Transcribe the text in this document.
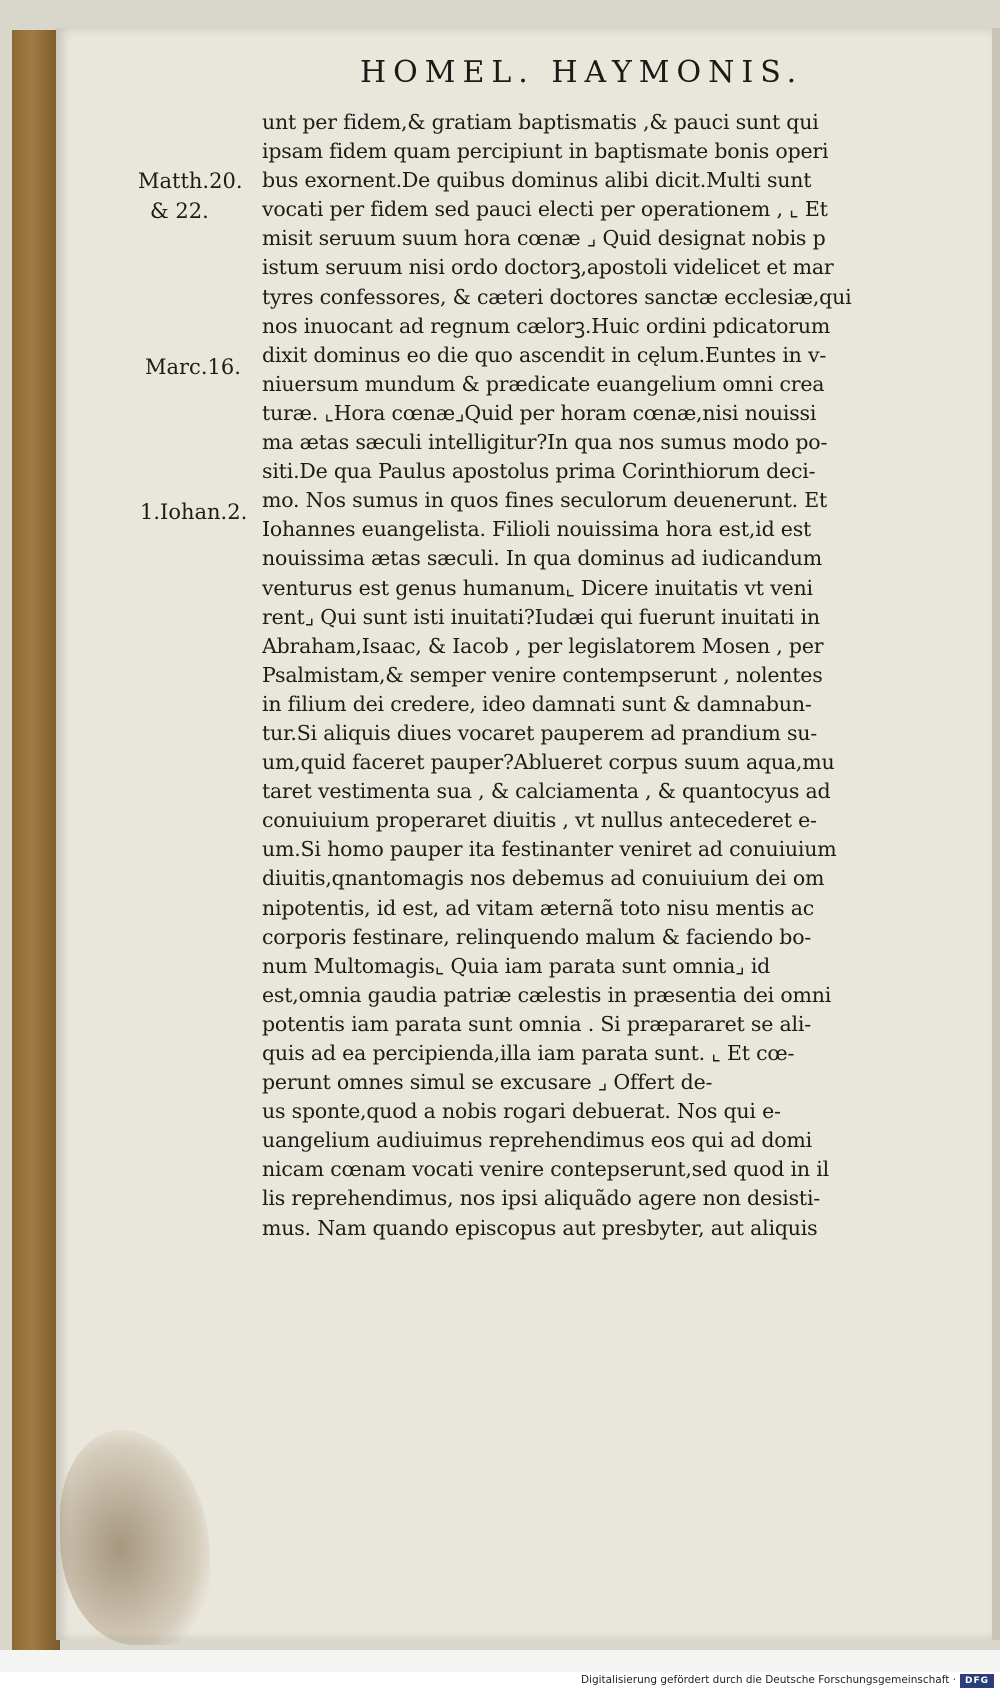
HOMEL. HAYMONIS.
Matth.20.
& 22.
Marc.16.
1.Iohan.2.
unt per fidem,& gratiam baptismatis ,& pauci sunt qui
ipsam fidem quam percipiunt in baptismate bonis operi
bus exornent.De quibus dominus alibi dicit.Multi sunt
vocati per fidem sed pauci electi per operationem , ⌞ Et
misit seruum suum hora cœnæ ⌟ Quid designat nobis p
istum seruum nisi ordo doctorꝫ,apostoli videlicet et mar
tyres confessores, & cæteri doctores sanctæ ecclesiæ,qui
nos inuocant ad regnum cælorꝫ.Huic ordini pdicatorum
dixit dominus eo die quo ascendit in cęlum.Euntes in v-
niuersum mundum & prædicate euangelium omni crea
turæ. ⌞Hora cœnæ⌟Quid per horam cœnæ,nisi nouissi
ma ætas sæculi intelligitur?In qua nos sumus modo po-
siti.De qua Paulus apostolus prima Corinthiorum deci-
mo. Nos sumus in quos fines seculorum deuenerunt. Et
Iohannes euangelista. Filioli nouissima hora est,id est
nouissima ætas sæculi. In qua dominus ad iudicandum
venturus est genus humanum⌞ Dicere inuitatis vt veni
rent⌟ Qui sunt isti inuitati?Iudæi qui fuerunt inuitati in
Abraham,Isaac, & Iacob , per legislatorem Mosen , per
Psalmistam,& semper venire contempserunt , nolentes
in filium dei credere, ideo damnati sunt & damnabun-
tur.Si aliquis diues vocaret pauperem ad prandium su-
um,quid faceret pauper?Ablueret corpus suum aqua,mu
taret vestimenta sua , & calciamenta , & quantocyus ad
conuiuium properaret diuitis , vt nullus antecederet e-
um.Si homo pauper ita festinanter veniret ad conuiuium
diuitis,qnantomagis nos debemus ad conuiuium dei om
nipotentis, id est, ad vitam æternã toto nisu mentis ac
corporis festinare, relinquendo malum & faciendo bo-
num Multomagis⌞ Quia iam parata sunt omnia⌟ id
est,omnia gaudia patriæ cælestis in præsentia dei omni
potentis iam parata sunt omnia . Si præpararet se ali-
quis ad ea percipienda,illa iam parata sunt. ⌞ Et cœ-
perunt omnes simul se excusare ⌟ Offert de-
us sponte,quod a nobis rogari debuerat. Nos qui e-
uangelium audiuimus reprehendimus eos qui ad domi
nicam cœnam vocati venire contepserunt,sed quod in il
lis reprehendimus, nos ipsi aliquãdo agere non desisti-
mus. Nam quando episcopus aut presbyter, aut aliquis
Digitalisierung gefördert durch die Deutsche Forschungsgemeinschaft · DFG
